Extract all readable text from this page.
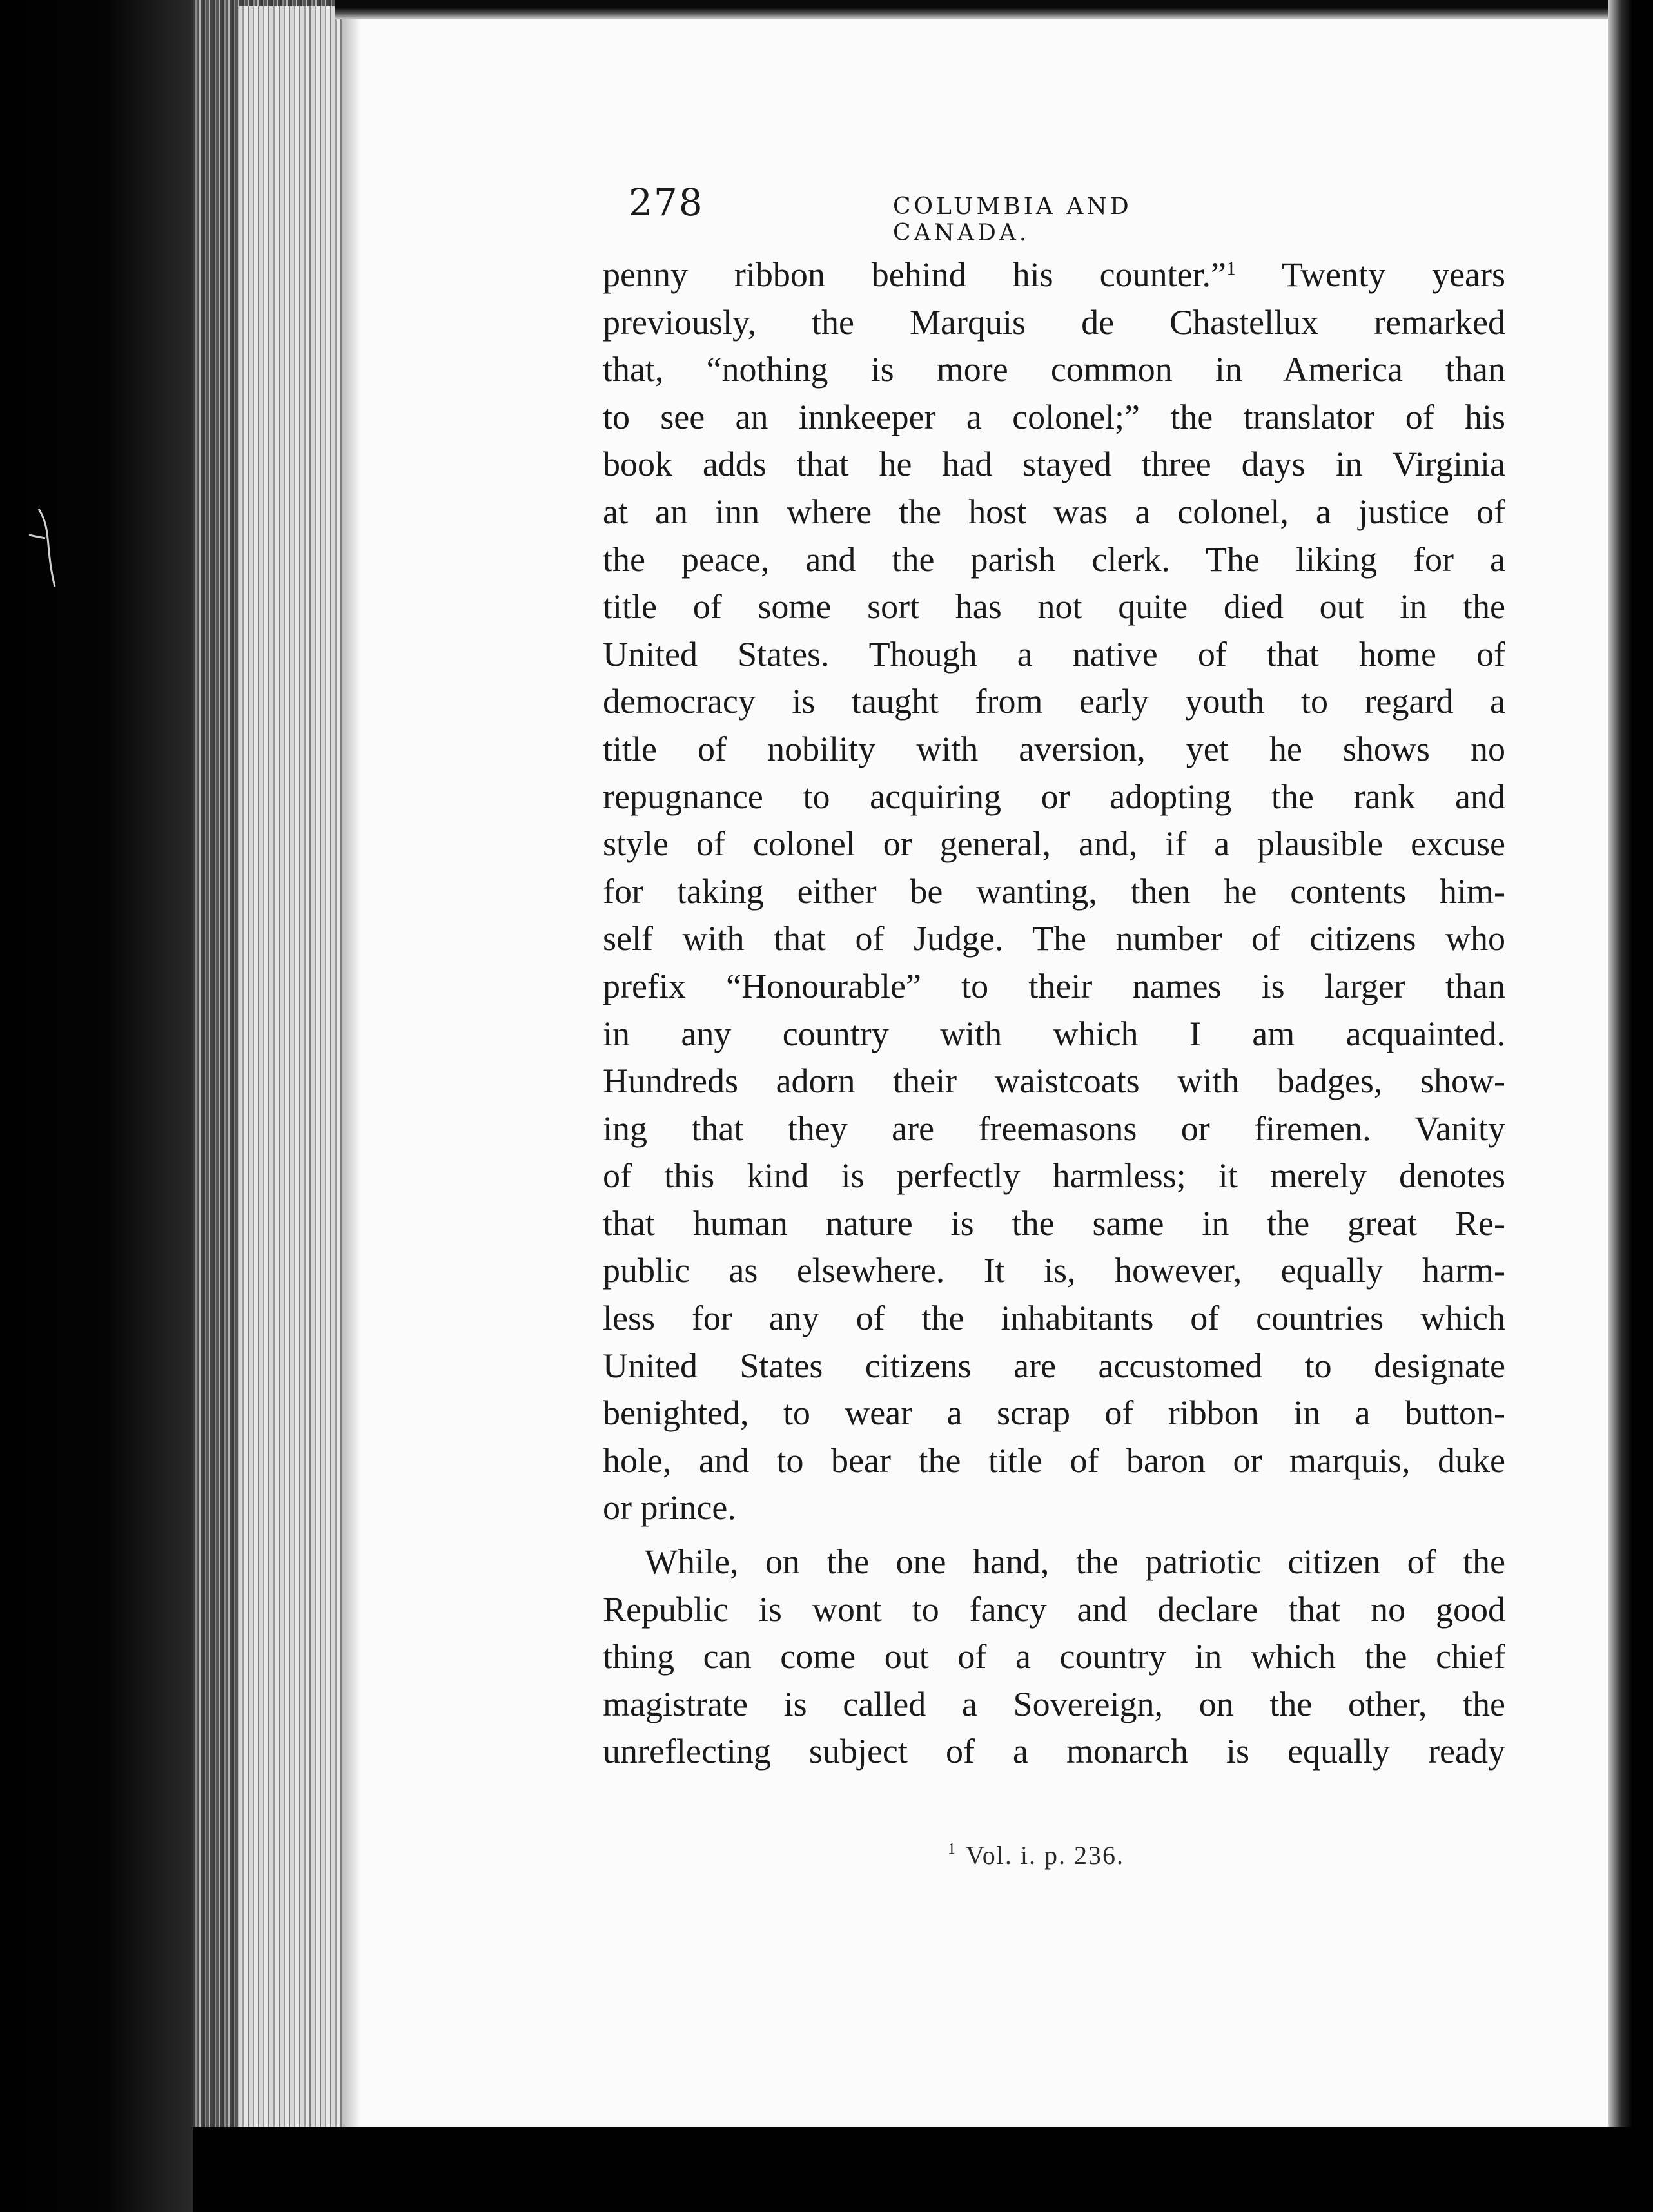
278	COLUMBIA AND CANADA.
penny ribbon behind his counter.”$^1$ Twenty years
previously, the Marquis de Chastellux remarked
that, “nothing is more common in America than
to see an innkeeper a colonel;” the translator of his
book adds that he had stayed three days in Virginia
at an inn where the host was a colonel, a justice of
the peace, and the parish clerk. The liking for a
title of some sort has not quite died out in the
United States. Though a native of that home of
democracy is taught from early youth to regard a
title of nobility with aversion, yet he shows no
repugnance to acquiring or adopting the rank and
style of colonel or general, and, if a plausible excuse
for taking either be wanting, then he contents him-
self with that of Judge. The number of citizens who
prefix “Honourable” to their names is larger than
in any country with which I am acquainted.
Hundreds adorn their waistcoats with badges, show-
ing that they are freemasons or firemen. Vanity
of this kind is perfectly harmless; it merely denotes
that human nature is the same in the great Re-
public as elsewhere. It is, however, equally harm-
less for any of the inhabitants of countries which
United States citizens are accustomed to designate
benighted, to wear a scrap of ribbon in a button-
hole, and to bear the title of baron or marquis, duke
or prince.
While, on the one hand, the patriotic citizen of the
Republic is wont to fancy and declare that no good
thing can come out of a country in which the chief
magistrate is called a Sovereign, on the other, the
unreflecting subject of a monarch is equally ready
$^1$ Vol. i. p. 236.
